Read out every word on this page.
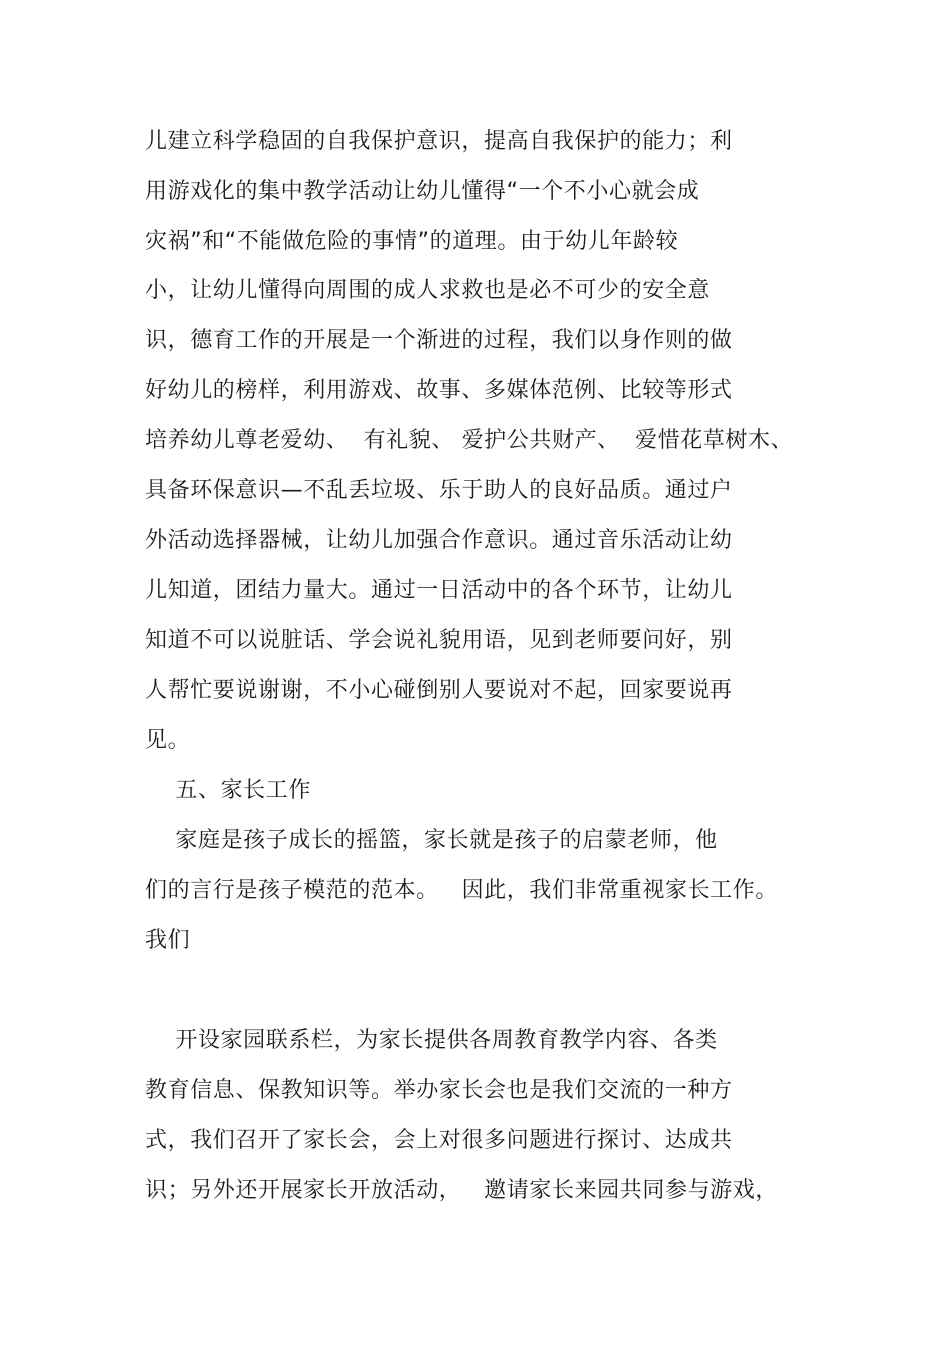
儿建立科学稳固的自我保护意识，提高自我保护的能力；利
用游戏化的集中教学活动让幼儿懂得“一个不小心就会成
灾祸”和“不能做危险的事情”的道理。由于幼儿年龄较
小，让幼儿懂得向周围的成人求救也是必不可少的安全意
识，德育工作的开展是一个渐进的过程，我们以身作则的做
好幼儿的榜样，利用游戏、故事、多媒体范例、比较等形式
培养幼儿尊老爱幼、  有礼貌、 爱护公共财产、  爱惜花草树木、
具备环保意识—不乱丢垃圾、乐于助人的良好品质。通过户
外活动选择器械，让幼儿加强合作意识。通过音乐活动让幼
儿知道，团结力量大。通过一日活动中的各个环节，让幼儿
知道不可以说脏话、学会说礼貌用语，见到老师要问好，别
人帮忙要说谢谢，不小心碰倒别人要说对不起，回家要说再
见。
五、家长工作
家庭是孩子成长的摇篮，家长就是孩子的启蒙老师，他
们的言行是孩子模范的范本。   因此，我们非常重视家长工作。
我们
开设家园联系栏，为家长提供各周教育教学内容、各类
教育信息、保教知识等。举办家长会也是我们交流的一种方
式，我们召开了家长会，会上对很多问题进行探讨、达成共
识；另外还开展家长开放活动，   邀请家长来园共同参与游戏，
